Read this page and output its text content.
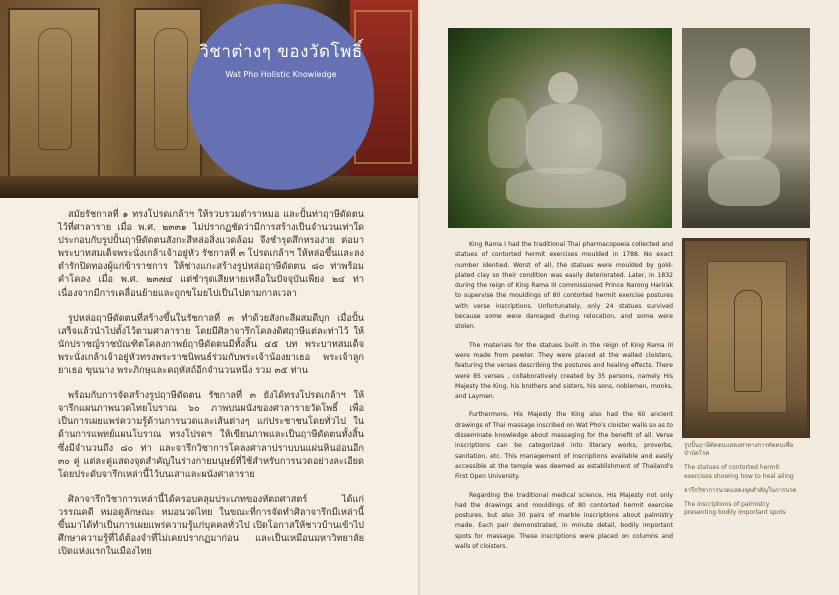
วิชาต่างๆ ของวัดโพธิ์
Wat Pho Holistic Knowledge

สมัยรัชกาลที่ ๑ ทรงโปรดเกล้าฯ ให้รวบรวมตำราหมอ และปั้นท่าฤาษีดัดตนไว้ที่ศาลาราย เมื่อ พ.ศ. ๒๓๓๑ ไม่ปรากฏชัดว่ามีการสร้างเป็นจำนวนเท่าใด ประกอบกับรูปปั้นฤาษีดัดตนสังกะสีหล่อสิ่งแวดล้อม จึงชำรุดสึกหรอง่าย ต่อมาพระบาทสมเด็จพระนั่งเกล้าเจ้าอยู่หัว รัชกาลที่ ๓ โปรดเกล้าฯ ให้หล่อขึ้นและลงตำรักปิดทองผู้แก่ข้าราชการ ให้ช่างแกะสร้างรูปหล่อฤาษีดัดตน ๘๐ ท่าพร้อมคำโคลง เมื่อ พ.ศ. ๒๓๗๔ แต่ชำรุดเสียหายเหลือในปัจจุบันเพียง ๒๔ ท่า เนื่องจากมีการเคลื่อนย้ายและถูกขโมยไปเป็นไปตามกาลเวลา

รูปหล่อฤาษีดัดตนที่สร้างขึ้นในรัชกาลที่ ๓ ทำด้วยสังกะสีผสมดีบุก เมื่อปั้นเสร็จแล้วนำไปตั้งไว้ตามศาลาราย โดยมีศิลาจารึกโคลงดิศฤาษีแต่ละท่าไว้ ให้นักปราชญ์ราชบัณฑิตโคลงกาพย์ฤาษีดัดตนมีทั้งสิ้น ๔๕ บท พระบาทสมเด็จพระนั่งเกล้าเจ้าอยู่หัวทรงพระราชนิพนธ์ร่วมกับพระเจ้าน้องยาเธอ พระเจ้าลูกยาเธอ ขุนนาง พระภิกษุและคฤหัสถ์อีกจำนวนหนึ่ง รวม ๓๕ ท่าน

พร้อมกับการจัดสร้างรูปฤาษีดัดตน รัชกาลที่ ๓ ยังได้ทรงโปรดเกล้าฯ ให้จารึกแผนภาพนวดไทยโบราณ ๖๐ ภาพบนผนังของศาลารายวัดโพธิ์ เพื่อเป็นการเผยแพร่ความรู้ด้านการนวดและเส้นต่างๆ แก่ประชาชนโดยทั่วไป ในด้านการแพทย์แผนโบราณ ทรงโปรดฯ ให้เขียนภาพและเป็นฤาษีดัดตนทั้งสิ้นซึ่งมีจำนวนถึง ๘๐ ท่า และจารึกวิชาการโคลงศาลาปราบบนแผ่นหินอ่อนอีก ๓๐ คู่ แต่ละคู่แสดงจุดสำคัญในร่างกายมนุษย์ที่ใช้สำหรับการนวดอย่างละเอียด โดยประดับจารึกเหล่านี้ไว้บนเสาและผนังศาลาราย

ศิลาจารึกวิชาการเหล่านี้ได้ครอบคลุมประเภทของหัตถศาสตร์ ได้แก่ วรรณคดี หมอดูลักษณะ หมอนวดไทย ในขณะที่การจัดทำศิลาจารึกมีเหล่านี้ขึ้นมาได้ทำเป็นการเผยแพร่ความรู้แก่บุคคลทั่วไป เปิดโอกาสให้ชาวบ้านเข้าไปศึกษาความรู้ที่ได้ต้องจำที่ไม่เคยปรากฏมาก่อน และเป็นเหมือนมหาวิทยาลัยเปิดแห่งแรกในเมืองไทย

King Rama I had the traditional Thai pharmacopoeia collected and statues of contorted hermit exercises moulded in 1788. No exact number identied. Worst of all, the statues were moulded by gold-plated clay so their condition was easily deteriorated. Later, in 1832 during the reign of King Rama III commissioned Prince Narong Harirak to supervise the mouldings of 80 contorted hermit exercise postures with verse inscriptions. Unfortunately, only 24 statues survived because some were damaged during relocation, and some were stolen.

The materials for the statues built in the reign of King Rama III were made from pewter. They were placed at the walled cloisters, featuring the verses describing the postures and healing effects. There were 85 verses , collaboratively created by 35 persons, namely His Majesty the King, his brothers and sisters, his sons, noblemen, monks, and Laymen.

Furthermore, His Majesty the King also had the 60 ancient drawings of Thai massage inscribed on Wat Pho's cloister walls so as to disseminate knowledge about massaging for the benefit of all. Verse inscriptions can be categorized into literary works, proverbs, sanitation, etc. This management of inscriptions available and easily accessible at the temple was deemed as establishment of Thailand's First Open University.

Regarding the traditional medical science, His Majesty not only had the drawings and mouldings of 80 contorted hermit exercise postures, but also 30 pairs of marble inscriptions about palmistry made. Each pair demonstrated, in minute detail, bodily important spots for massage. These inscriptions were placed on columns and walls of cloisters.

รูปปั้นฤาษีดัดตนแสดงท่าทางการดัดตนเพื่อบำบัดโรค

The statues of contorted hermit exercises showing how to heal ailing

จารึกวิชาการนวดแสดงจุดสำคัญในการนวด

The inscriptions of palmistry presenting bodily important spots
